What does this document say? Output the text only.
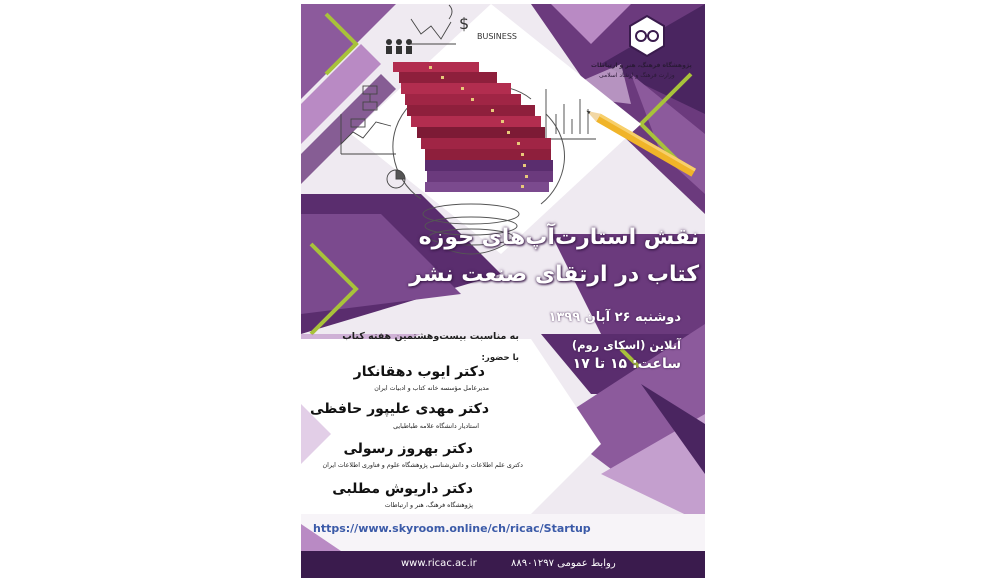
$
پژوهشگاه فرهنگ، هنر و ارتباطات
وزارت فرهنگ و ارشاد اسلامی
BUSINESS
نقش استارت‌آپ‌های حوزه
کتاب در ارتقای صنعت نشر
دوشنبه ۲۶ آبان ۱۳۹۹
آنلاین (اسکای روم)
ساعت: ۱۵ تا ۱۷
به مناسبت بیست‌وهشتمین هفته کتاب
با حضور:
دکتر ایوب دهقانکار
مدیرعامل مؤسسه خانه کتاب و ادبیات ایران
دکتر مهدی علیپور حافظی
استادیار دانشگاه علامه طباطبایی
دکتر بهروز رسولی
دکتری علم اطلاعات و دانش‌شناسی پژوهشگاه علوم و فناوری اطلاعات ایران
دکتر داریوش مطلبی
پژوهشگاه فرهنگ، هنر و ارتباطات
https://www.skyroom.online/ch/ricac/Startup
www.ricac.ac.ir	روابط عمومی ۸۸۹۰۱۲۹۷
